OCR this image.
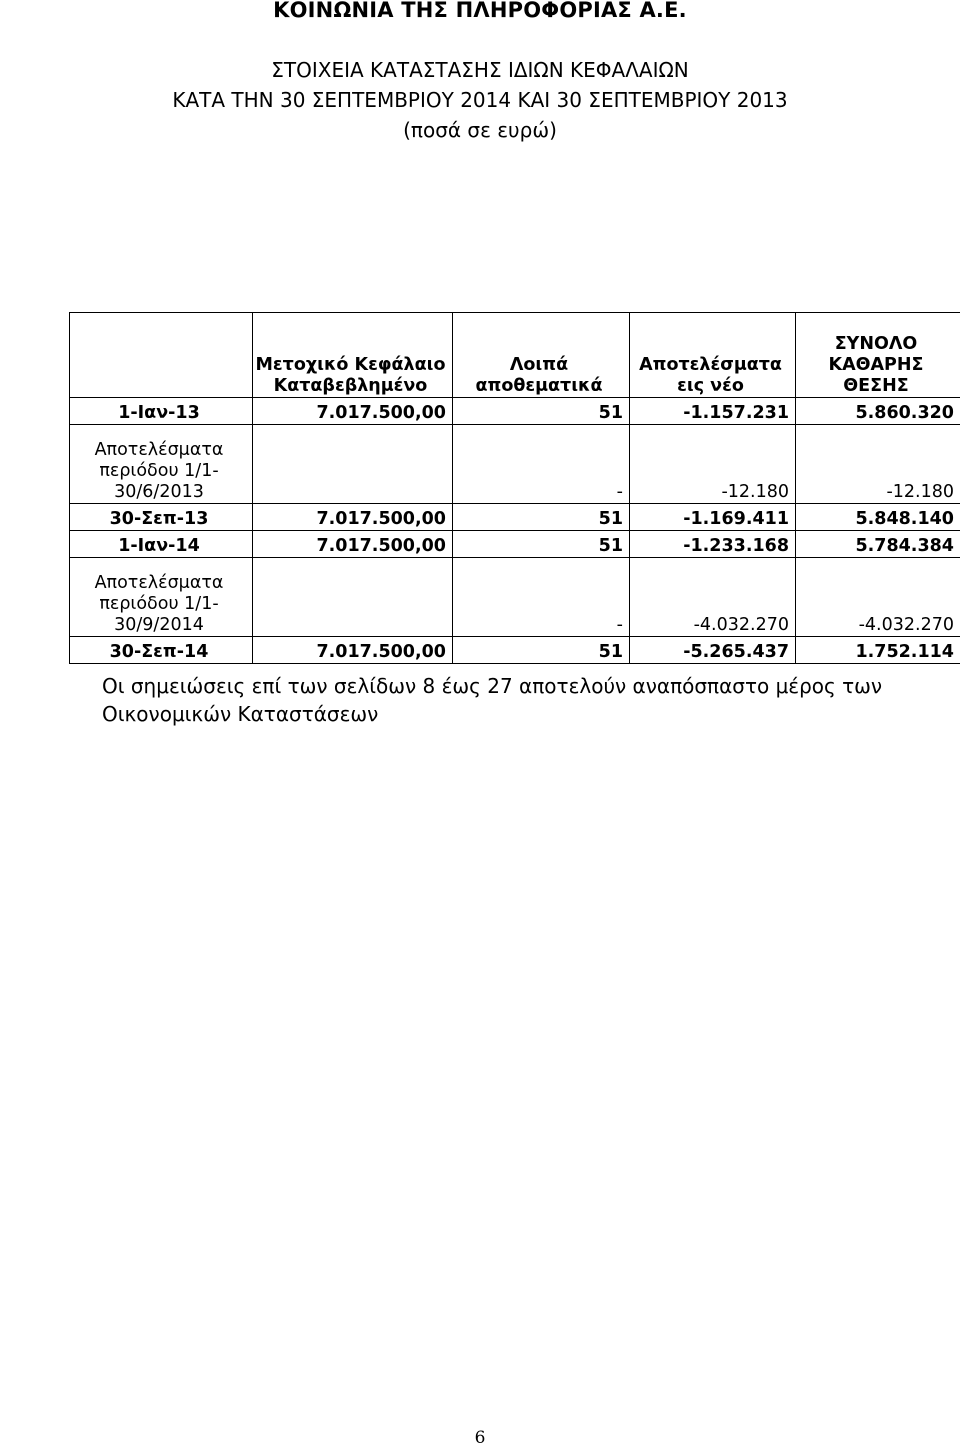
ΚΟΙΝΩΝΙΑ ΤΗΣ ΠΛΗΡΟΦΟΡΙΑΣ Α.Ε.
ΣΤΟΙΧΕΙΑ ΚΑΤΑΣΤΑΣΗΣ ΙΔΙΩΝ ΚΕΦΑΛΑΙΩΝ
ΚΑΤΑ ΤΗΝ 30 ΣΕΠΤΕΜΒΡΙΟΥ 2014 ΚΑΙ 30 ΣΕΠΤΕΜΒΡΙΟΥ 2013
(ποσά σε ευρώ)
	Μετοχικό Κεφάλαιο Καταβεβλημένο	Λοιπά αποθεματικά	Αποτελέσματα εις νέο	ΣΥΝΟΛΟ ΚΑΘΑΡΗΣ ΘΕΣΗΣ
1-Ιαν-13	7.017.500,00	51	-1.157.231	5.860.320
Αποτελέσματα περιόδου 1/1-30/6/2013		-	-12.180	-12.180
30-Σεπ-13	7.017.500,00	51	-1.169.411	5.848.140
1-Ιαν-14	7.017.500,00	51	-1.233.168	5.784.384
Αποτελέσματα περιόδου 1/1-30/9/2014		-	-4.032.270	-4.032.270
30-Σεπ-14	7.017.500,00	51	-5.265.437	1.752.114
Οι σημειώσεις επί των σελίδων 8 έως 27 αποτελούν αναπόσπαστο μέρος των Οικονομικών Καταστάσεων
6
